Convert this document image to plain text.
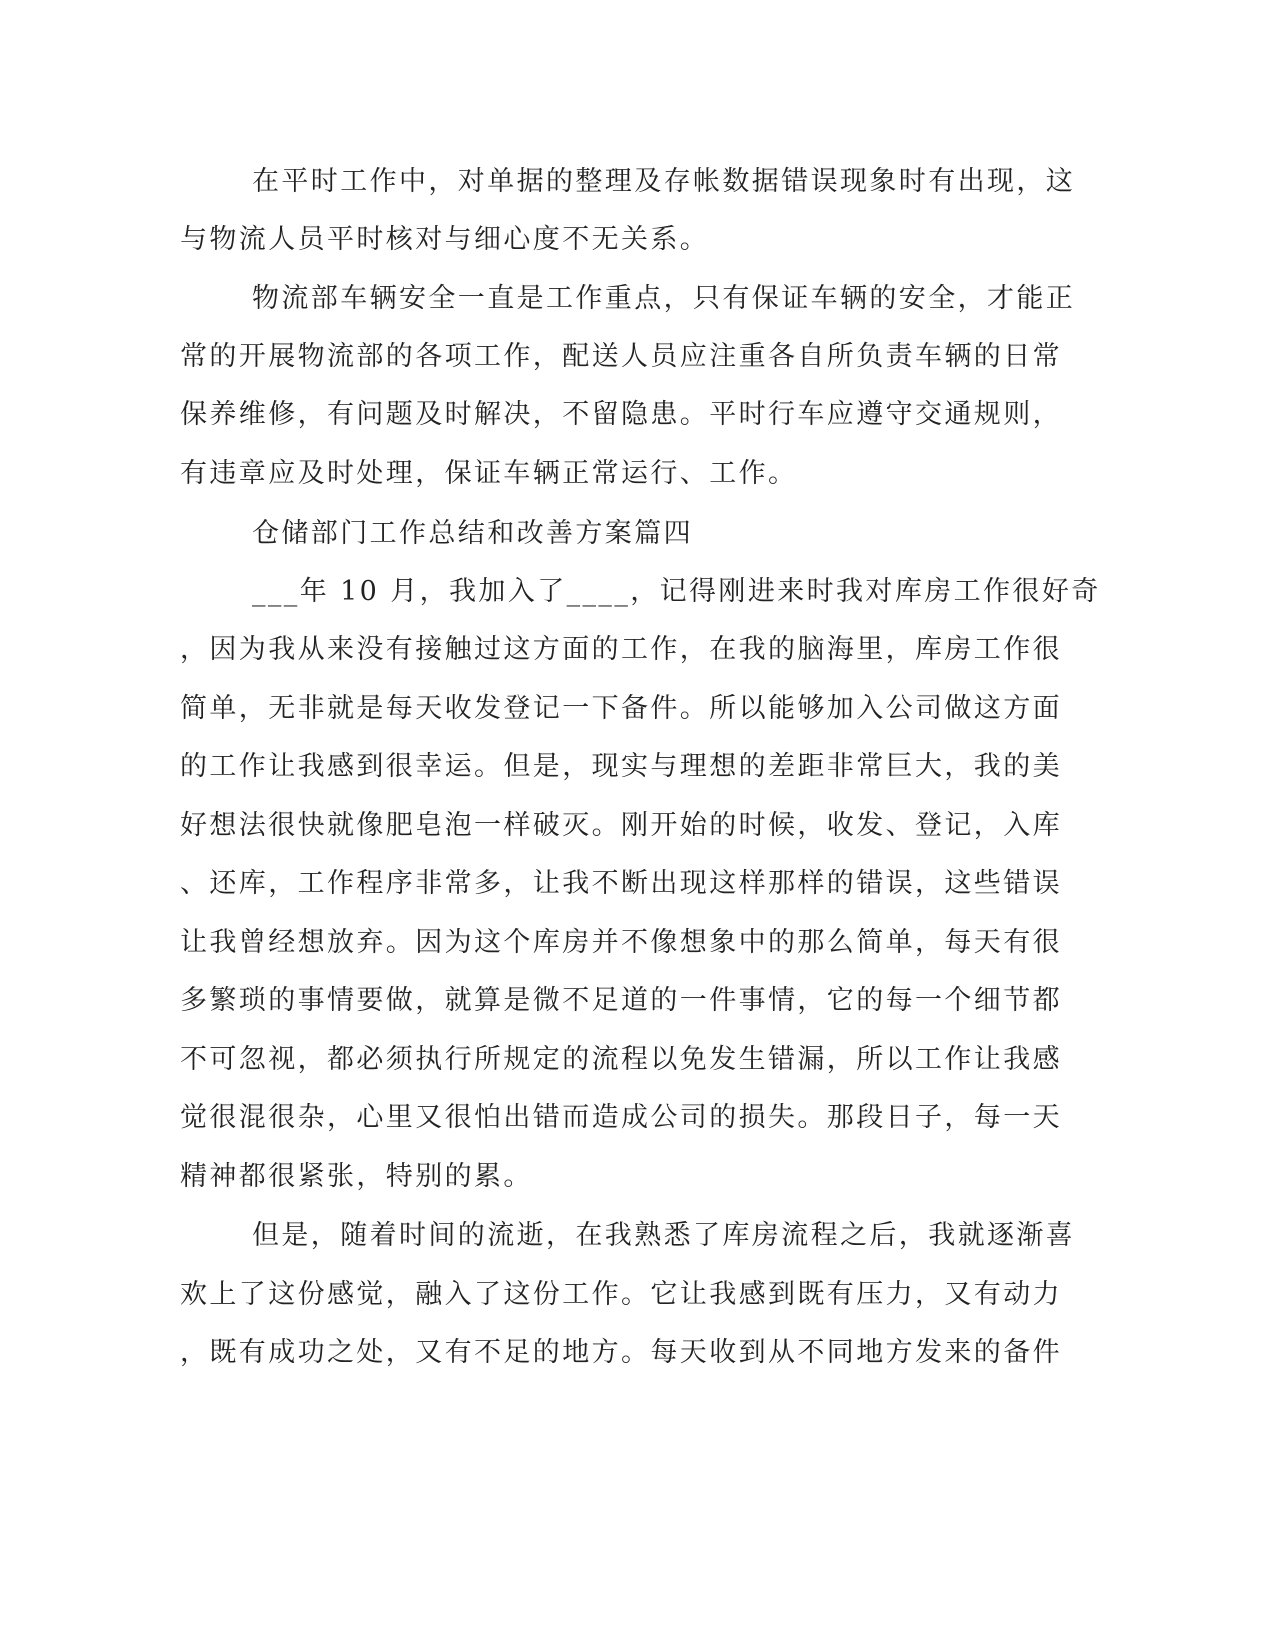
在平时工作中，对单据的整理及存帐数据错误现象时有出现，这
与物流人员平时核对与细心度不无关系。
物流部车辆安全一直是工作重点，只有保证车辆的安全，才能正
常的开展物流部的各项工作，配送人员应注重各自所负责车辆的日常
保养维修，有问题及时解决，不留隐患。平时行车应遵守交通规则，
有违章应及时处理，保证车辆正常运行、工作。
仓储部门工作总结和改善方案篇四
___年 10 月，我加入了____，记得刚进来时我对库房工作很好奇
，因为我从来没有接触过这方面的工作，在我的脑海里，库房工作很
简单，无非就是每天收发登记一下备件。所以能够加入公司做这方面
的工作让我感到很幸运。但是，现实与理想的差距非常巨大，我的美
好想法很快就像肥皂泡一样破灭。刚开始的时候，收发、登记，入库
、还库，工作程序非常多，让我不断出现这样那样的错误，这些错误
让我曾经想放弃。因为这个库房并不像想象中的那么简单，每天有很
多繁琐的事情要做，就算是微不足道的一件事情，它的每一个细节都
不可忽视，都必须执行所规定的流程以免发生错漏，所以工作让我感
觉很混很杂，心里又很怕出错而造成公司的损失。那段日子，每一天
精神都很紧张，特别的累。
但是，随着时间的流逝，在我熟悉了库房流程之后，我就逐渐喜
欢上了这份感觉，融入了这份工作。它让我感到既有压力，又有动力
，既有成功之处，又有不足的地方。每天收到从不同地方发来的备件
